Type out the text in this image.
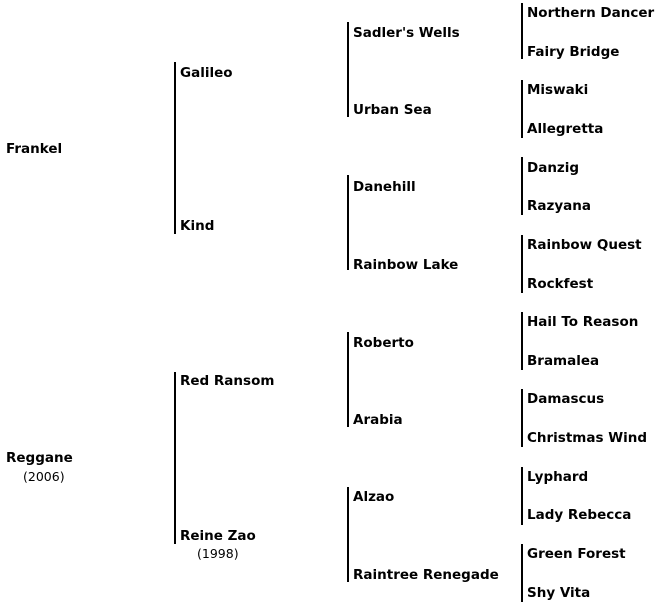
Frankel
Reggane
(2006)
Galileo
Kind
Red Ransom
Reine Zao
(1998)
Sadler's Wells
Urban Sea
Danehill
Rainbow Lake
Roberto
Arabia
Alzao
Raintree Renegade
Northern Dancer
Fairy Bridge
Miswaki
Allegretta
Danzig
Razyana
Rainbow Quest
Rockfest
Hail To Reason
Bramalea
Damascus
Christmas Wind
Lyphard
Lady Rebecca
Green Forest
Shy Vita
